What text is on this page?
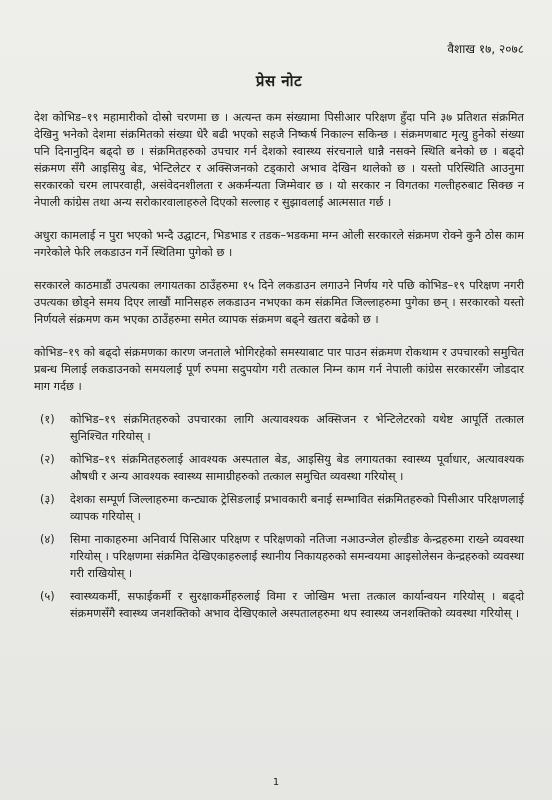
वैशाख १७, २०७८
प्रेस नोट

देश कोभिड–१९ महामारीको दोस्रो चरणमा छ । अत्यन्त कम संख्यामा पिसीआर परिक्षण हुँदा पनि ३७ प्रतिशत संक्रमित देखिनु भनेको देशमा संक्रमितको संख्या धेरै बढी भएको सहजै निष्कर्ष निकाल्न सकिन्छ । संक्रमणबाट मृत्यु हुनेको संख्या पनि दिनानुदिन बढ्दो छ । संक्रमितहरुको उपचार गर्न देशको स्वास्थ्य संरचनाले धान्नै नसक्ने स्थिति बनेको छ । बढ्दो संक्रमण सँगै आइसियु बेड, भेन्टिलेटर र अक्सिजनको टड्कारो अभाव देखिन थालेको छ । यस्तो परिस्थिति आउनुमा सरकारको चरम लापरवाही, असंवेदनशीलता र अकर्मन्यता जिम्मेवार छ । यो सरकार न विगतका गल्तीहरुबाट सिक्छ न नेपाली कांग्रेस तथा अन्य सरोकारवालाहरुले दिएको सल्लाह र सुझावलाई आत्मसात गर्छ ।

अधुरा कामलाई न पुरा भएको भन्दै उद्घाटन, भिडभाड र तडक–भडकमा मग्न ओली सरकारले संक्रमण रोक्ने कुनै ठोस काम नगरेकोले फेरि लकडाउन गर्ने स्थितिमा पुगेको छ ।

सरकारले काठमाडौं उपत्यका लगायतका ठाउँहरुमा १५ दिने लकडाउन लगाउने निर्णय गरे पछि कोभिड–१९ परिक्षण नगरी उपत्यका छोड्ने समय दिएर लाखौं मानिसहरु लकडाउन नभएका कम संक्रमित जिल्लाहरुमा पुगेका छन् । सरकारको यस्तो निर्णयले संक्रमण कम भएका ठाउँहरुमा समेत व्यापक संक्रमण बढ्ने खतरा बढेको छ ।

कोभिड–१९ को बढ्दो संक्रमणका कारण जनताले भोगिरहेको समस्याबाट पार पाउन संक्रमण रोकथाम र उपचारको समुचित प्रबन्ध मिलाई लकडाउनको समयलाई पूर्ण रुपमा सदुपयोग गरी तत्काल निम्न काम गर्न नेपाली कांग्रेस सरकारसँग जोडदार माग गर्दछ ।

(१)	कोभिड–१९ संक्रमितहरुको उपचारका लागि अत्यावश्यक अक्सिजन र भेन्टिलेटरको यथेष्ट आपूर्ति तत्काल सुनिश्चित गरियोस् ।
(२)	कोभिड–१९ संक्रमितहरुलाई आवश्यक अस्पताल बेड, आइसियु बेड लगायतका स्वास्थ्य पूर्वाधार, अत्यावश्यक औषधी र अन्य आवश्यक स्वास्थ्य सामाग्रीहरुको तत्काल समुचित व्यवस्था गरियोस् ।
(३)	देशका सम्पूर्ण जिल्लाहरुमा कन्ट्याक ट्रेसिङलाई प्रभावकारी बनाई सम्भावित संक्रमितहरुको पिसीआर परिक्षणलाई व्यापक गरियोस् ।
(४)	सिमा नाकाहरुमा अनिवार्य पिसिआर परिक्षण र परिक्षणको नतिजा नआउन्जेल होल्डीङ केन्द्रहरुमा राख्ने व्यवस्था गरियोस् । परिक्षणमा संक्रमित देखिएकाहरुलाई स्थानीय निकायहरुको समन्वयमा आइसोलेसन केन्द्रहरुको व्यवस्था गरी राखियोस् ।
(५)	स्वास्थ्यकर्मी, सफाईकर्मी र सुरक्षाकर्मीहरुलाई विमा र जोखिम भत्ता तत्काल कार्यान्वयन गरियोस् । बढ्दो संक्रमणसँगै स्वास्थ्य जनशक्तिको अभाव देखिएकाले अस्पतालहरुमा थप स्वास्थ्य जनशक्तिको व्यवस्था गरियोस् ।
1
